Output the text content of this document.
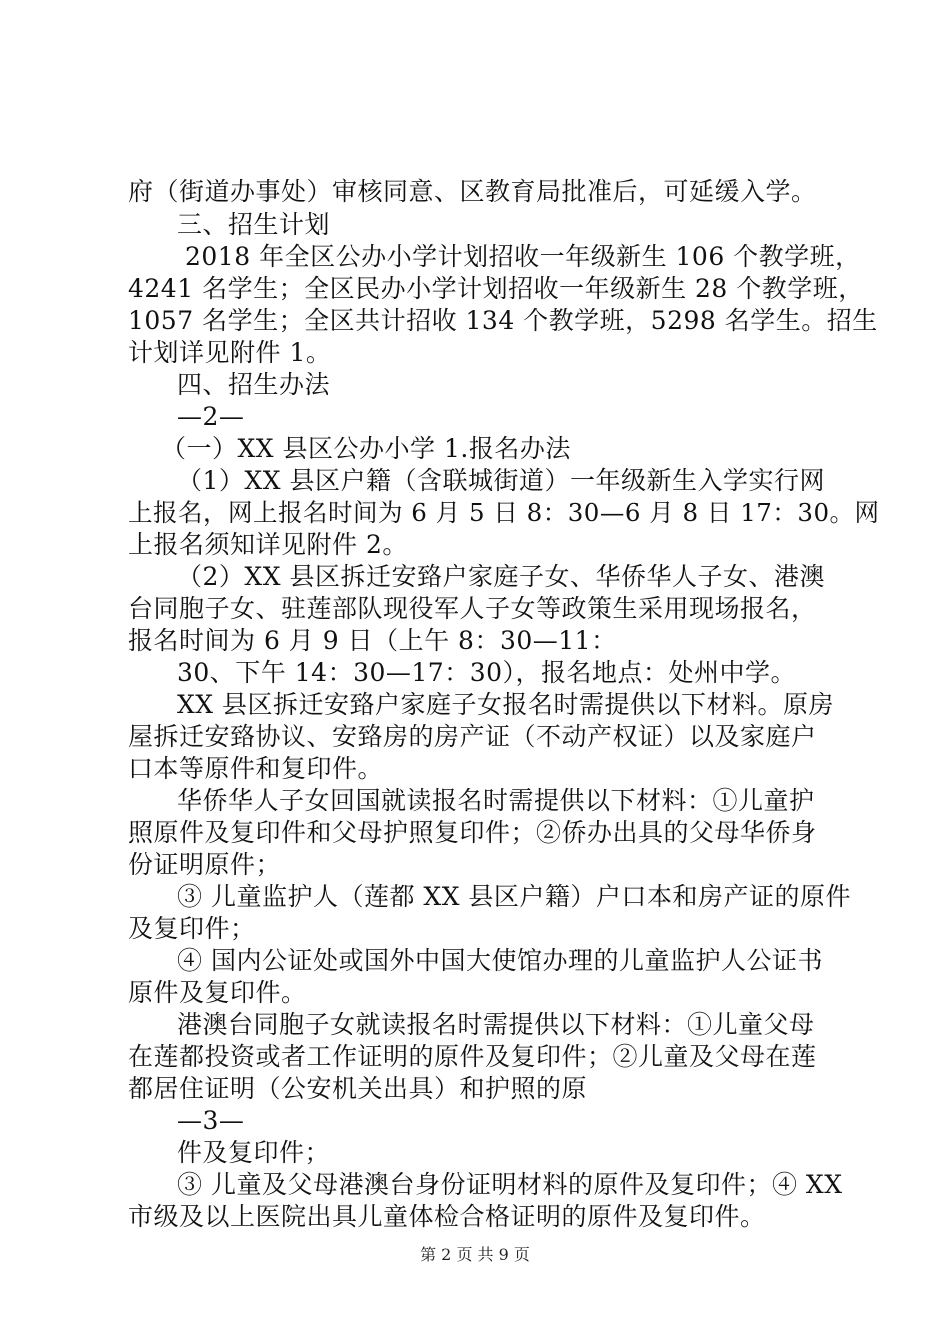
府（街道办事处）审核同意、区教育局批准后，可延缓入学。
三、招生计划
2018 年全区公办小学计划招收一年级新生 106 个教学班，
4241 名学生；全区民办小学计划招收一年级新生 28 个教学班，
1057 名学生；全区共计招收 134 个教学班，5298 名学生。招生
计划详见附件 1。
四、招生办法
—2—
（一）XX 县区公办小学 1.报名办法
（1）XX 县区户籍（含联城街道）一年级新生入学实行网
上报名，网上报名时间为 6 月 5 日 8：30—6 月 8 日 17：30。网
上报名须知详见附件 2。
（2）XX 县区拆迁安臵户家庭子女、华侨华人子女、港澳
台同胞子女、驻莲部队现役军人子女等政策生采用现场报名，
报名时间为 6 月 9 日（上午 8：30—11：
30、下午 14：30—17：30），报名地点：处州中学。
XX 县区拆迁安臵户家庭子女报名时需提供以下材料。原房
屋拆迁安臵协议、安臵房的房产证（不动产权证）以及家庭户
口本等原件和复印件。
华侨华人子女回国就读报名时需提供以下材料：①儿童护
照原件及复印件和父母护照复印件；②侨办出具的父母华侨身
份证明原件；
③ 儿童监护人（莲都 XX 县区户籍）户口本和房产证的原件
及复印件；
④ 国内公证处或国外中国大使馆办理的儿童监护人公证书
原件及复印件。
港澳台同胞子女就读报名时需提供以下材料：①儿童父母
在莲都投资或者工作证明的原件及复印件；②儿童及父母在莲
都居住证明（公安机关出具）和护照的原
—3—
件及复印件；
③ 儿童及父母港澳台身份证明材料的原件及复印件；④ XX
市级及以上医院出具儿童体检合格证明的原件及复印件。
第 2 页 共 9 页
